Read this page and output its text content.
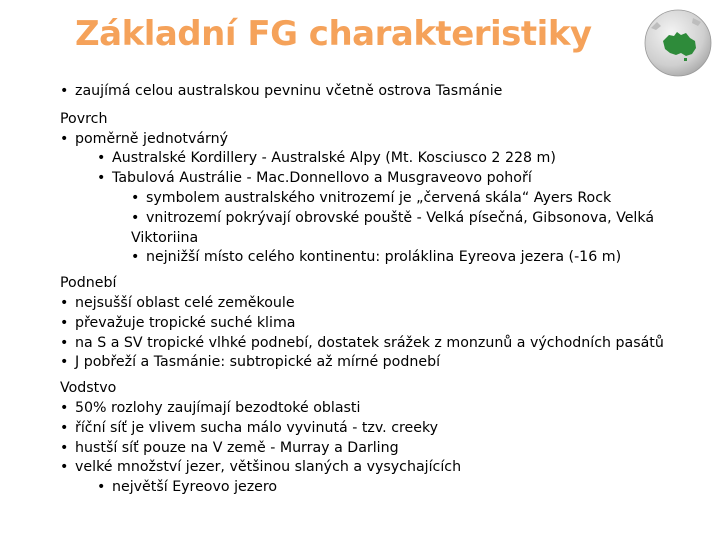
Základní FG charakteristiky
• zaujímá celou australskou pevninu včetně ostrova Tasmánie
Povrch
• poměrně jednotvárný
• Australské Kordillery - Australské Alpy (Mt. Kosciusco 2 228 m)
• Tabulová Austrálie - Mac.Donnellovo a Musgraveovo pohoří
• symbolem australského vnitrozemí je „červená skála“ Ayers Rock
• vnitrozemí pokrývají obrovské pouště - Velká písečná, Gibsonova, Velká
Viktoriina
• nejnižší místo celého kontinentu: proláklina Eyreova jezera (-16 m)
Podnebí
• nejsušší oblast celé zeměkoule
• převažuje tropické suché klima
• na S a SV tropické vlhké podnebí, dostatek srážek z monzunů a východních pasátů
• J pobřeží a Tasmánie: subtropické až mírné podnebí
Vodstvo
• 50% rozlohy zaujímají bezodtoké oblasti
• říční síť je vlivem sucha málo vyvinutá - tzv. creeky
• hustší síť pouze na V země - Murray a Darling
• velké množství jezer, většinou slaných a vysychajících
• největší Eyreovo jezero
